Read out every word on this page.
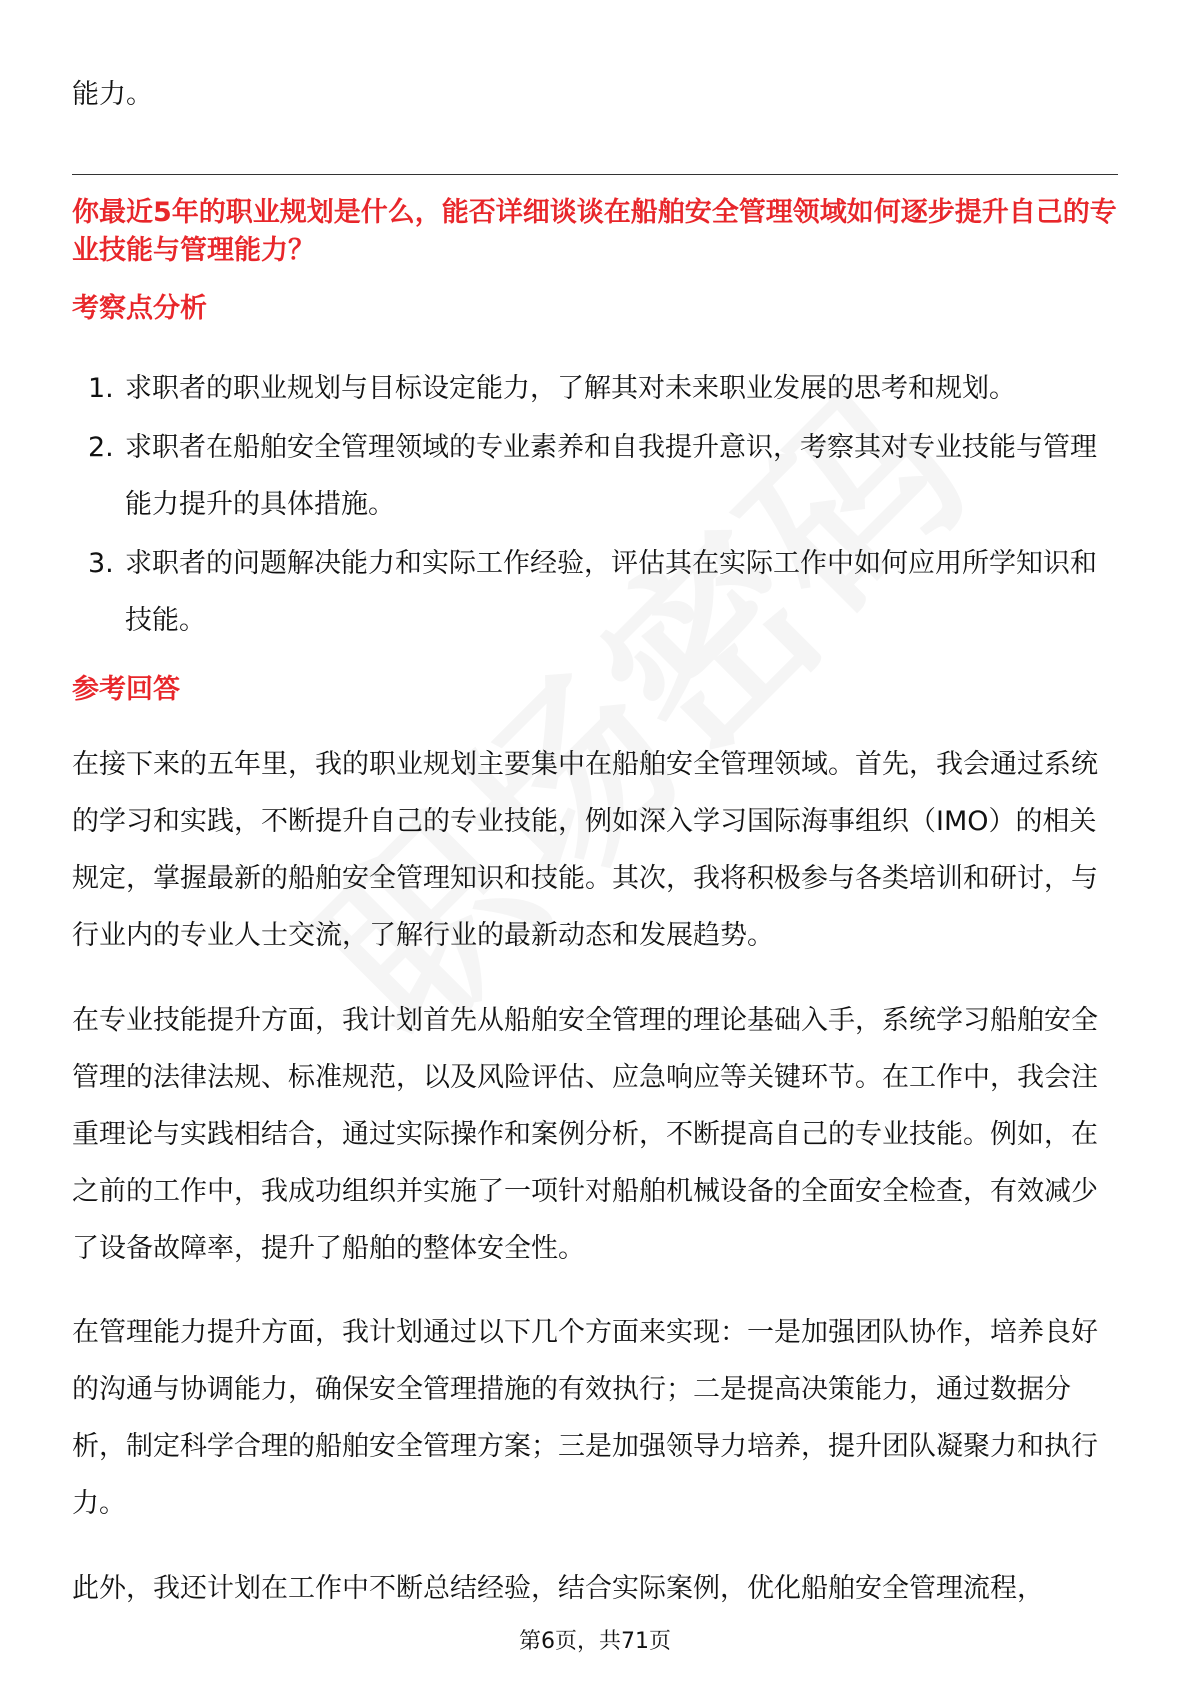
能力。

你最近5年的职业规划是什么，能否详细谈谈在船舶安全管理领域如何逐步提升自己的专业技能与管理能力？

考察点分析
1. 求职者的职业规划与目标设定能力，了解其对未来职业发展的思考和规划。
2. 求职者在船舶安全管理领域的专业素养和自我提升意识，考察其对专业技能与管理能力提升的具体措施。
3. 求职者的问题解决能力和实际工作经验，评估其在实际工作中如何应用所学知识和技能。
参考回答

在接下来的五年里，我的职业规划主要集中在船舶安全管理领域。首先，我会通过系统的学习和实践，不断提升自己的专业技能，例如深入学习国际海事组织（IMO）的相关规定，掌握最新的船舶安全管理知识和技能。其次，我将积极参与各类培训和研讨，与行业内的专业人士交流，了解行业的最新动态和发展趋势。

在专业技能提升方面，我计划首先从船舶安全管理的理论基础入手，系统学习船舶安全管理的法律法规、标准规范，以及风险评估、应急响应等关键环节。在工作中，我会注重理论与实践相结合，通过实际操作和案例分析，不断提高自己的专业技能。例如，在之前的工作中，我成功组织并实施了一项针对船舶机械设备的全面安全检查，有效减少了设备故障率，提升了船舶的整体安全性。

在管理能力提升方面，我计划通过以下几个方面来实现：一是加强团队协作，培养良好的沟通与协调能力，确保安全管理措施的有效执行；二是提高决策能力，通过数据分析，制定科学合理的船舶安全管理方案；三是加强领导力培养，提升团队凝聚力和执行力。

此外，我还计划在工作中不断总结经验，结合实际案例，优化船舶安全管理流程，

第6页，共71页
